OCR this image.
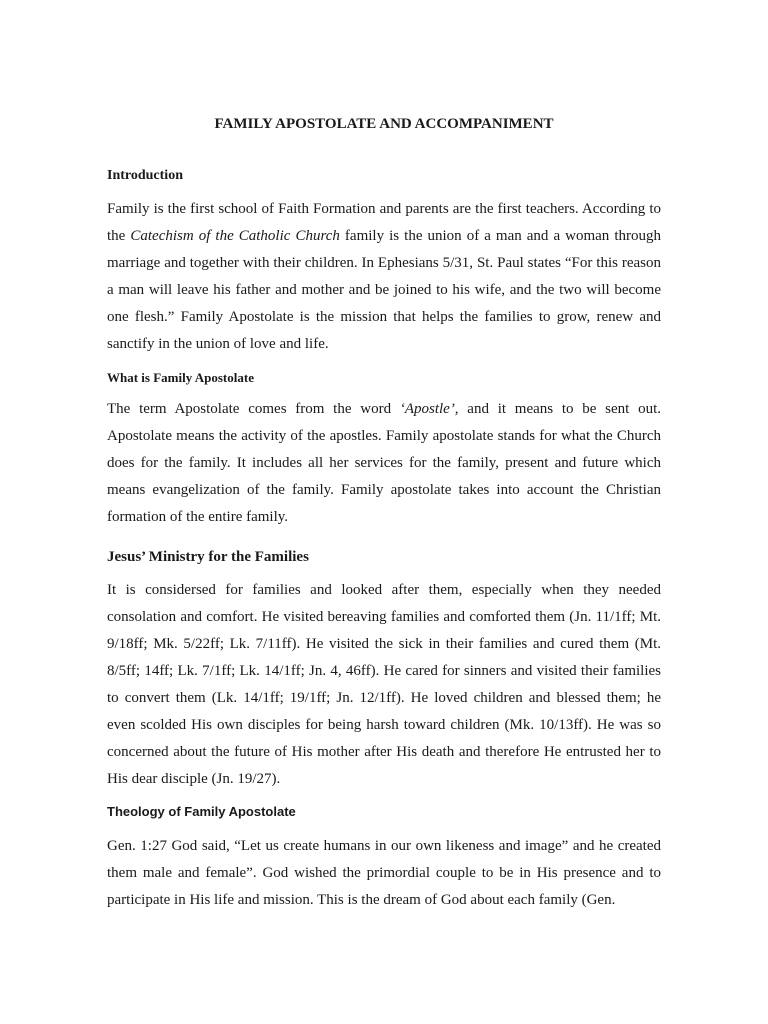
FAMILY APOSTOLATE AND ACCOMPANIMENT
Introduction
Family is the first school of Faith Formation and parents are the first teachers. According to
the Catechism of the Catholic Church family is the union of a man and a woman through
marriage and together with their children. In Ephesians 5/31, St. Paul states “For this reason
a man will leave his father and mother and be joined to his wife, and the two will become
one flesh.” Family Apostolate is the mission that helps the families to grow, renew and
sanctify in the union of love and life.
What is Family Apostolate
The term Apostolate comes from the word ‘Apostle’, and it means to be sent out.
Apostolate means the activity of the apostles. Family apostolate stands for what the Church
does for the family. It includes all her services for the family, present and future which
means evangelization of the family. Family apostolate takes into account the Christian
formation of the entire family.
Jesus’ Ministry for the Families
It is considersed for families and looked after them, especially when they needed
consolation and comfort. He visited bereaving families and comforted them (Jn. 11/1ff; Mt.
9/18ff; Mk. 5/22ff; Lk. 7/11ff). He visited the sick in their families and cured them (Mt.
8/5ff; 14ff; Lk. 7/1ff; Lk. 14/1ff; Jn. 4, 46ff). He cared for sinners and visited their families
to convert them (Lk. 14/1ff; 19/1ff; Jn. 12/1ff). He loved children and blessed them; he
even scolded His own disciples for being harsh toward children (Mk. 10/13ff). He was so
concerned about the future of His mother after His death and therefore He entrusted her to
His dear disciple (Jn. 19/27).
Theology of Family Apostolate
Gen. 1:27 God said, “Let us create humans in our own likeness and image” and he created
them male and female”. God wished the primordial couple to be in His presence and to
participate in His life and mission. This is the dream of God about each family (Gen.
